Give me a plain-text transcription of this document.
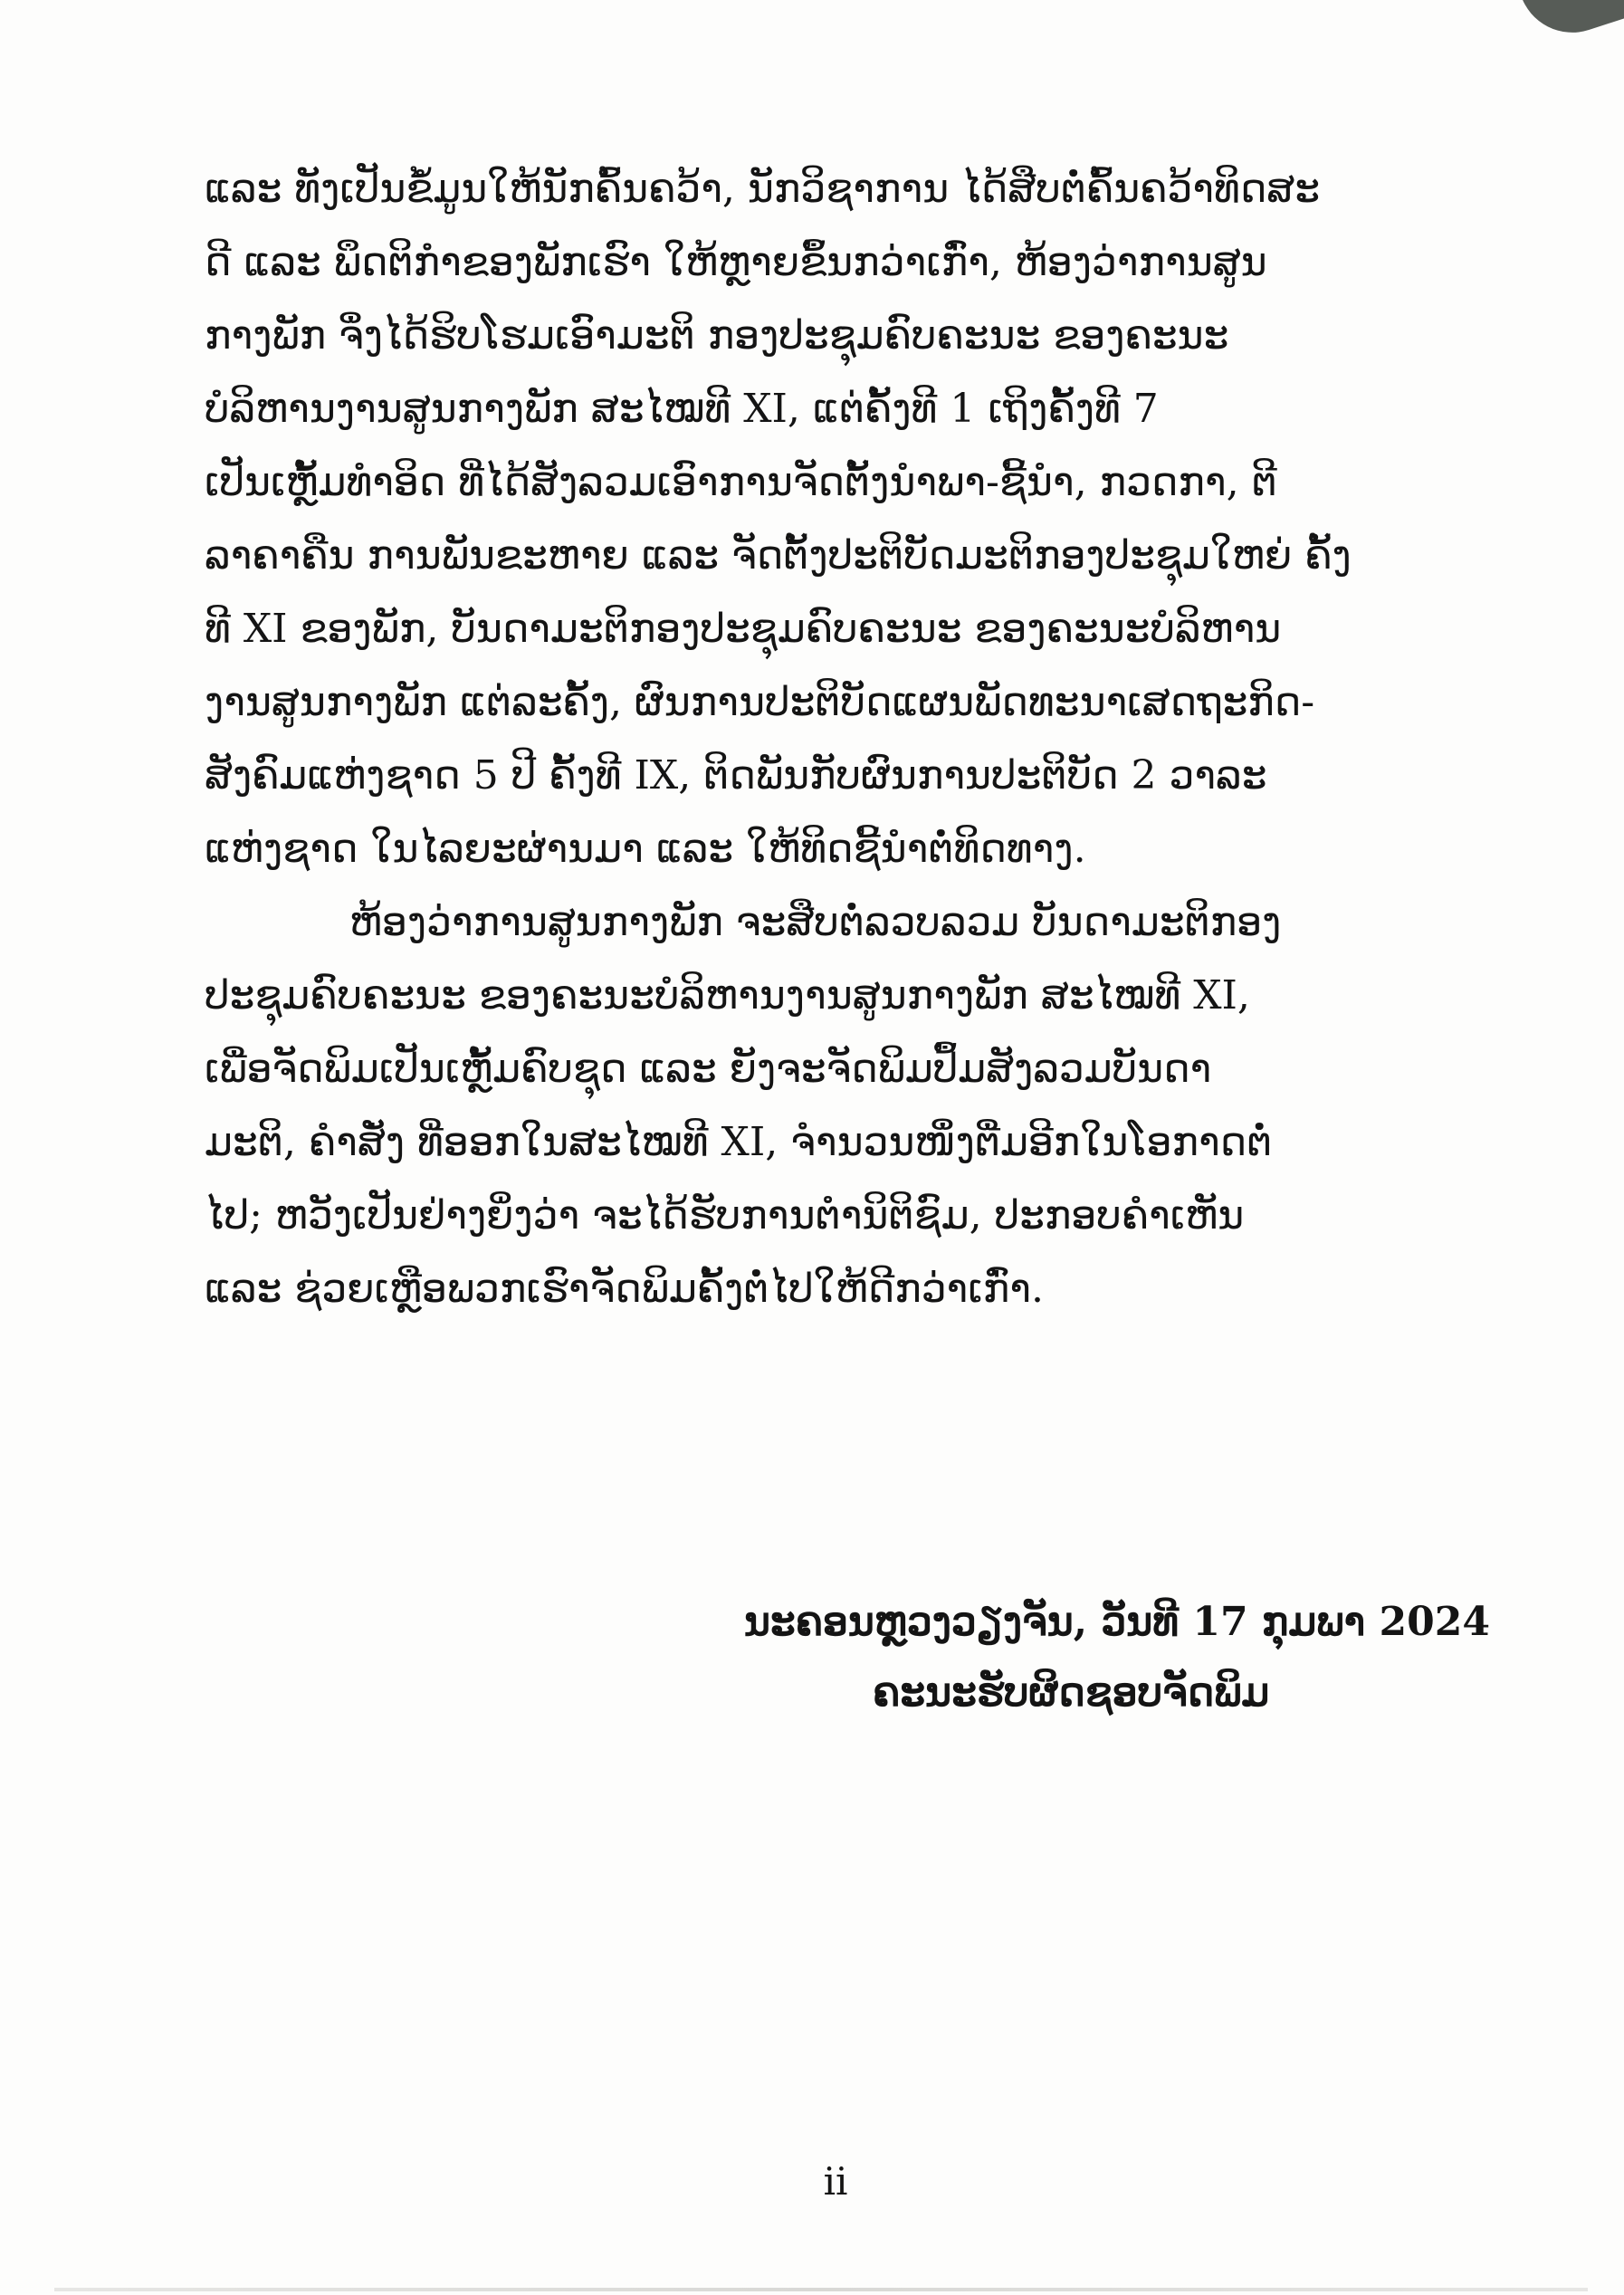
ແລະ ທັງເປັນຂໍ້ມູນໃຫ້ນັກຄົ້ນຄວ້າ, ນັກວິຊາການ ໄດ້ສືບຕໍ່ຄົ້ນຄວ້າທິດສະ
ດີ ແລະ ພຶດຕິກຳຂອງພັກເຮົາ ໃຫ້ຫຼາຍຂຶ້ນກວ່າເກົ່າ, ຫ້ອງວ່າການສູນ
ກາງພັກ ຈຶ່ງໄດ້ຮິບໂຮມເອົາມະຕິ ກອງປະຊຸມຄົບຄະນະ ຂອງຄະນະ
ບໍລິຫານງານສູນກາງພັກ ສະໄໝທີ XI, ແຕ່ຄັ້ງທີ 1 ເຖິງຄັ້ງທີ 7
ເປັນເຫຼັ້ມທຳອິດ ທີ່ໄດ້ສັງລວມເອົາການຈັດຕັ້ງນຳພາ-ຊີ້ນຳ, ກວດກາ, ຕີ
ລາຄາຄືນ ການພັນຂະຫາຍ ແລະ ຈັດຕັ້ງປະຕິບັດມະຕິກອງປະຊຸມໃຫຍ່ ຄັ້ງ
ທີ XI ຂອງພັກ, ບັນດາມະຕິກອງປະຊຸມຄົບຄະນະ ຂອງຄະນະບໍລິຫານ
ງານສູນກາງພັກ ແຕ່ລະຄັ້ງ, ຜົນການປະຕິບັດແຜນພັດທະນາເສດຖະກິດ-
ສັງຄົມແຫ່ງຊາດ 5 ປີ ຄັ້ງທີ IX, ຕິດພັນກັບຜົນການປະຕິບັດ 2 ວາລະ
ແຫ່ງຊາດ ໃນໄລຍະຜ່ານມາ ແລະ ໃຫ້ທິດຊີ້ນຳຕໍ່ທິດທາງ.
ຫ້ອງວ່າການສູນກາງພັກ ຈະສືບຕໍ່ລວບລວມ ບັນດາມະຕິກອງ
ປະຊຸມຄົບຄະນະ ຂອງຄະນະບໍລິຫານງານສູນກາງພັກ ສະໄໝທີ XI,
ເພື່ອຈັດພິມເປັນເຫຼັ້ມຄົບຊຸດ ແລະ ຍັງຈະຈັດພິມປຶ້ມສັງລວມບັນດາ
ມະຕິ, ຄຳສັ່ງ ທີ່ອອກໃນສະໄໝທີ XI, ຈຳນວນໜຶ່ງຕື່ມອີກໃນໂອກາດຕໍ່
ໄປ; ຫວັງເປັນຢ່າງຍິ່ງວ່າ ຈະໄດ້ຮັບການຕຳນິຕິຊົມ, ປະກອບຄຳເຫັນ
ແລະ ຊ່ວຍເຫຼືອພວກເຮົາຈັດພິມຄັ້ງຕໍ່ໄປໃຫ້ດີກວ່າເກົ່າ.
ນະຄອນຫຼວງວຽງຈັນ, ວັນທີ 17 ກຸມພາ 2024
ຄະນະຮັບຜິດຊອບຈັດພິມ
ii
